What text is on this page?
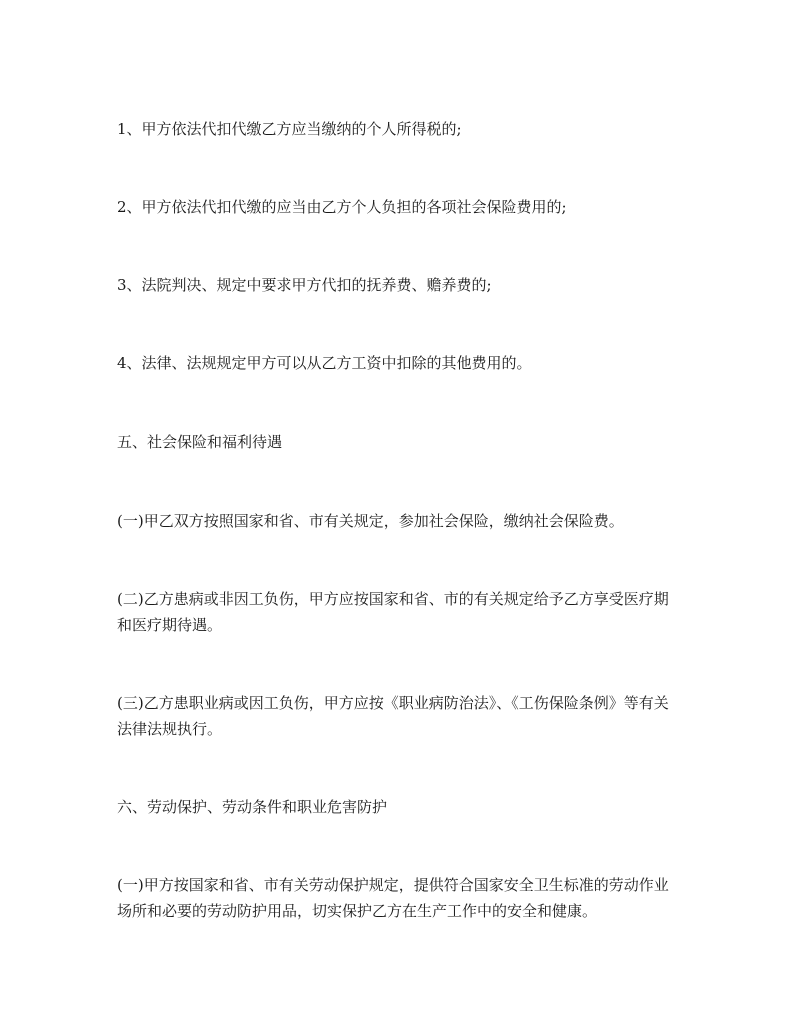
1、甲方依法代扣代缴乙方应当缴纳的个人所得税的;

2、甲方依法代扣代缴的应当由乙方个人负担的各项社会保险费用的;

3、法院判决、规定中要求甲方代扣的抚养费、赡养费的;

4、法律、法规规定甲方可以从乙方工资中扣除的其他费用的。

五、社会保险和福利待遇

(一)甲乙双方按照国家和省、市有关规定，参加社会保险，缴纳社会保险费。

(二)乙方患病或非因工负伤，甲方应按国家和省、市的有关规定给予乙方享受医疗期和医疗期待遇。

(三)乙方患职业病或因工负伤，甲方应按《职业病防治法》、《工伤保险条例》等有关法律法规执行。

六、劳动保护、劳动条件和职业危害防护

(一)甲方按国家和省、市有关劳动保护规定，提供符合国家安全卫生标准的劳动作业场所和必要的劳动防护用品，切实保护乙方在生产工作中的安全和健康。
